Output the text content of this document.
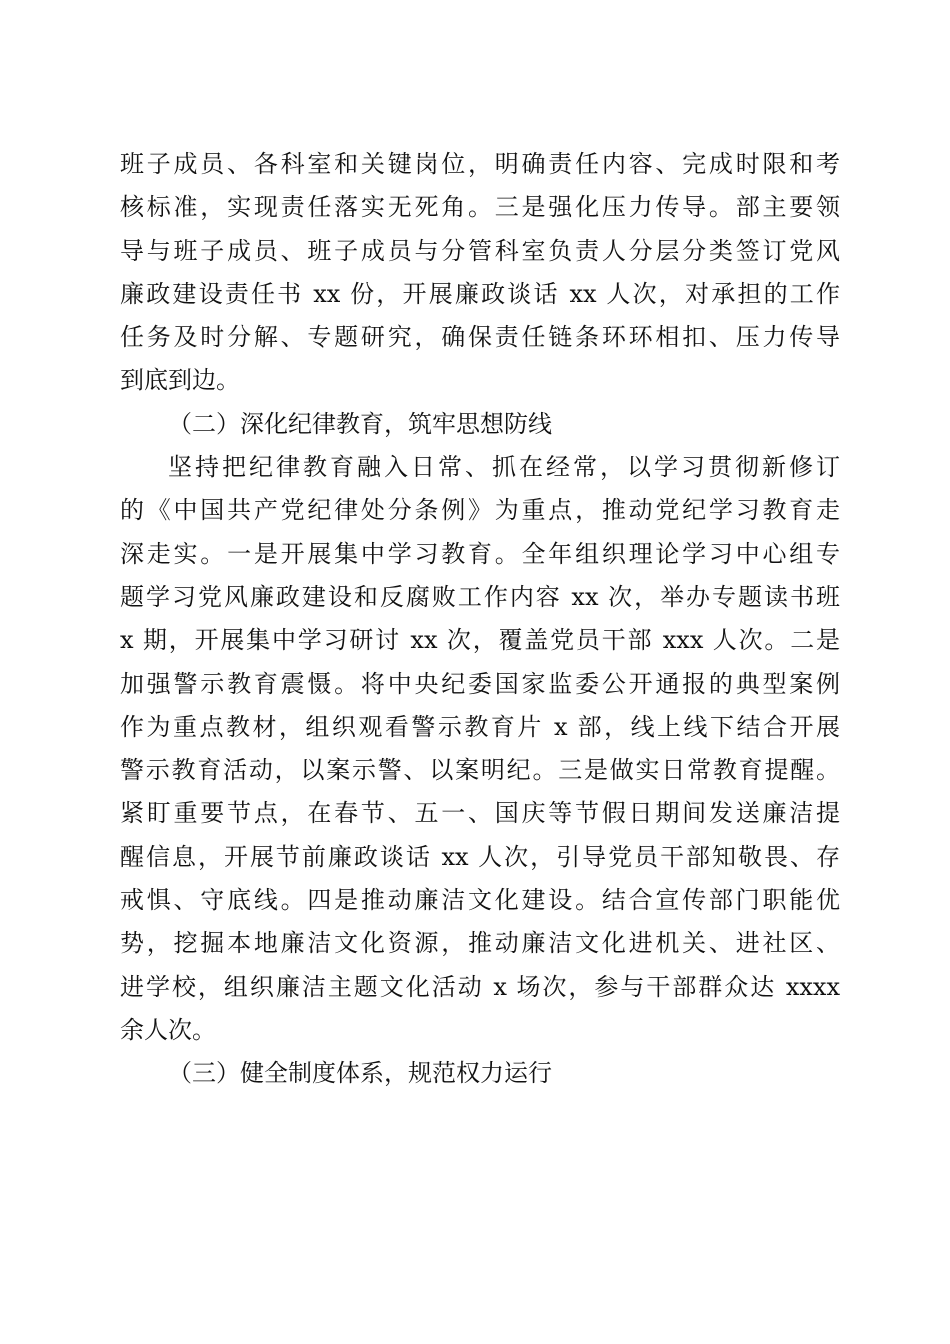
班子成员、各科室和关键岗位，明确责任内容、完成时限和考
核标准，实现责任落实无死角。三是强化压力传导。部主要领
导与班子成员、班子成员与分管科室负责人分层分类签订党风
廉政建设责任书 xx 份，开展廉政谈话 xx 人次，对承担的工作
任务及时分解、专题研究，确保责任链条环环相扣、压力传导
到底到边。
（二）深化纪律教育，筑牢思想防线
坚持把纪律教育融入日常、抓在经常，以学习贯彻新修订
的《中国共产党纪律处分条例》为重点，推动党纪学习教育走
深走实。一是开展集中学习教育。全年组织理论学习中心组专
题学习党风廉政建设和反腐败工作内容 xx 次，举办专题读书班
x 期，开展集中学习研讨 xx 次，覆盖党员干部 xxx 人次。二是
加强警示教育震慑。将中央纪委国家监委公开通报的典型案例
作为重点教材，组织观看警示教育片 x 部，线上线下结合开展
警示教育活动，以案示警、以案明纪。三是做实日常教育提醒。
紧盯重要节点，在春节、五一、国庆等节假日期间发送廉洁提
醒信息，开展节前廉政谈话 xx 人次，引导党员干部知敬畏、存
戒惧、守底线。四是推动廉洁文化建设。结合宣传部门职能优
势，挖掘本地廉洁文化资源，推动廉洁文化进机关、进社区、
进学校，组织廉洁主题文化活动 x 场次，参与干部群众达 xxxx
余人次。
（三）健全制度体系，规范权力运行
